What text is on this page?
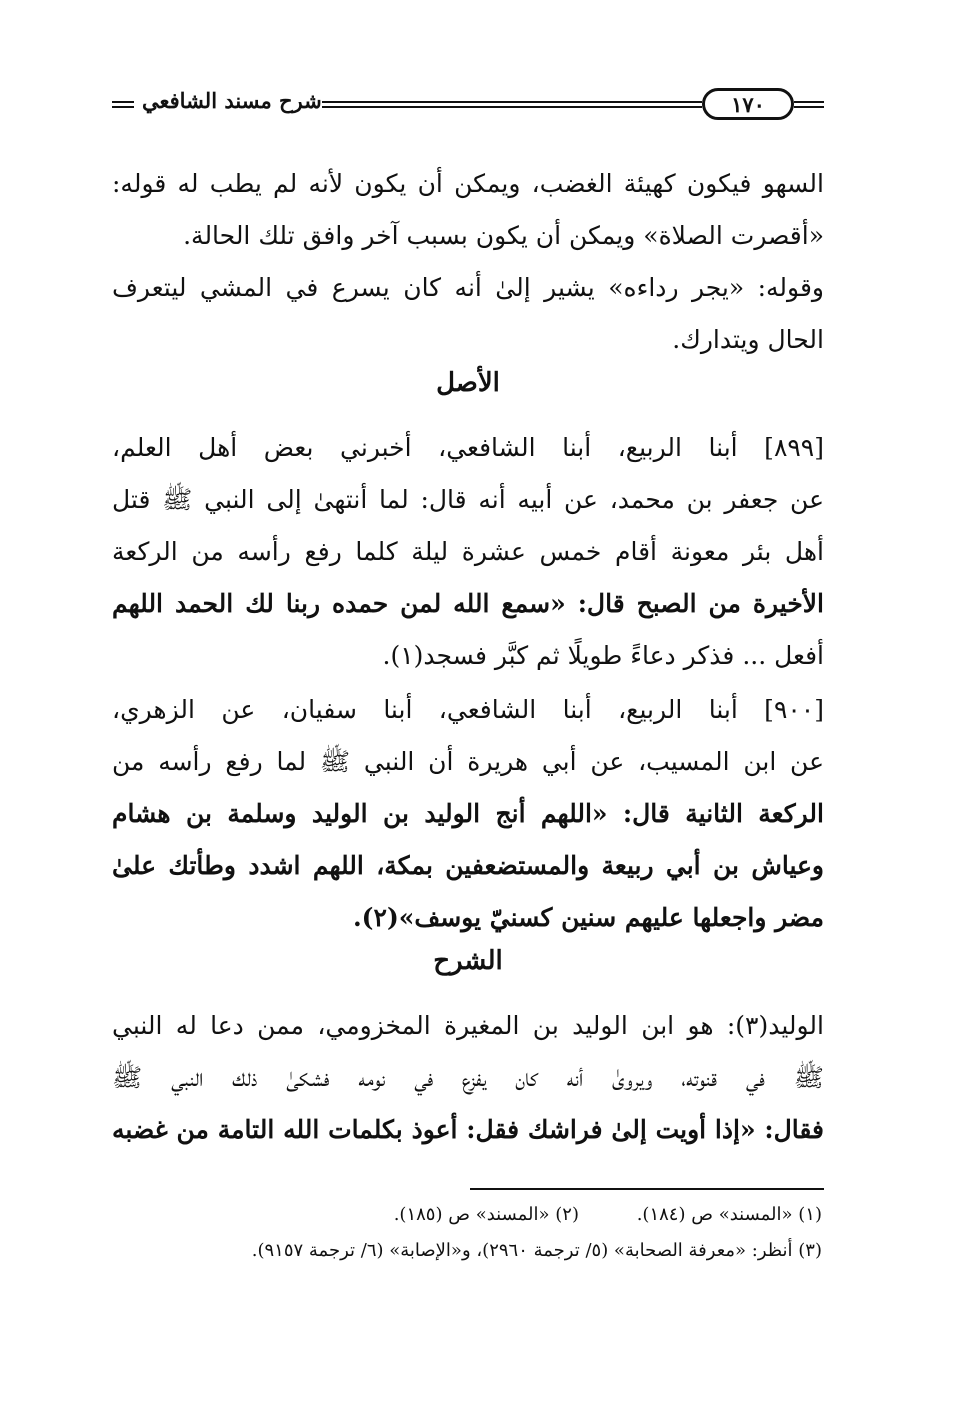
شرح مسند الشافعي	١٧٠
السهو فيكون كهيئة الغضب، ويمكن أن يكون لأنه لم يطب له قوله:
«أقصرت الصلاة» ويمكن أن يكون بسبب آخر وافق تلك الحالة.
وقوله: «يجر رداءه» يشير إلىٰ أنه كان يسرع في المشي ليتعرف
الحال ويتدارك.
الأصل
[٨٩٩] أبنا الربيع، أبنا الشافعي، أخبرني بعض أهل العلم،
عن جعفر بن محمد، عن أبيه أنه قال: لما أنتهىٰ إلى النبي ﷺ قتل
أهل بئر معونة أقام خمس عشرة ليلة كلما رفع رأسه من الركعة
الأخيرة من الصبح قال: «سمع الله لمن حمده ربنا لك الحمد اللهم
أفعل ... فذكر دعاءً طويلًا ثم كبَّر فسجد(١).
[٩٠٠] أبنا الربيع، أبنا الشافعي، أبنا سفيان، عن الزهري،
عن ابن المسيب، عن أبي هريرة أن النبي ﷺ لما رفع رأسه من
الركعة الثانية قال: «اللهم أنج الوليد بن الوليد وسلمة بن هشام
وعياش بن أبي ربيعة والمستضعفين بمكة، اللهم اشدد وطأتك علىٰ
مضر واجعلها عليهم سنين كسنيّ يوسف»(٢).
الشرح
الوليد(٣): هو ابن الوليد بن المغيرة المخزومي، ممن دعا له النبي
ﷺ في قنوته، ويروىٰ أنه كان يفزع في نومه فشكىٰ ذلك النبي ﷺ
فقال: «إذا أويت إلىٰ فراشك فقل: أعوذ بكلمات الله التامة من غضبه
(١) «المسند» ص (١٨٤).
(٢) «المسند» ص (١٨٥).
(٣) أنظر: «معرفة الصحابة» (٥/ ترجمة ٢٩٦٠)، و«الإصابة» (٦/ ترجمة ٩١٥٧).
